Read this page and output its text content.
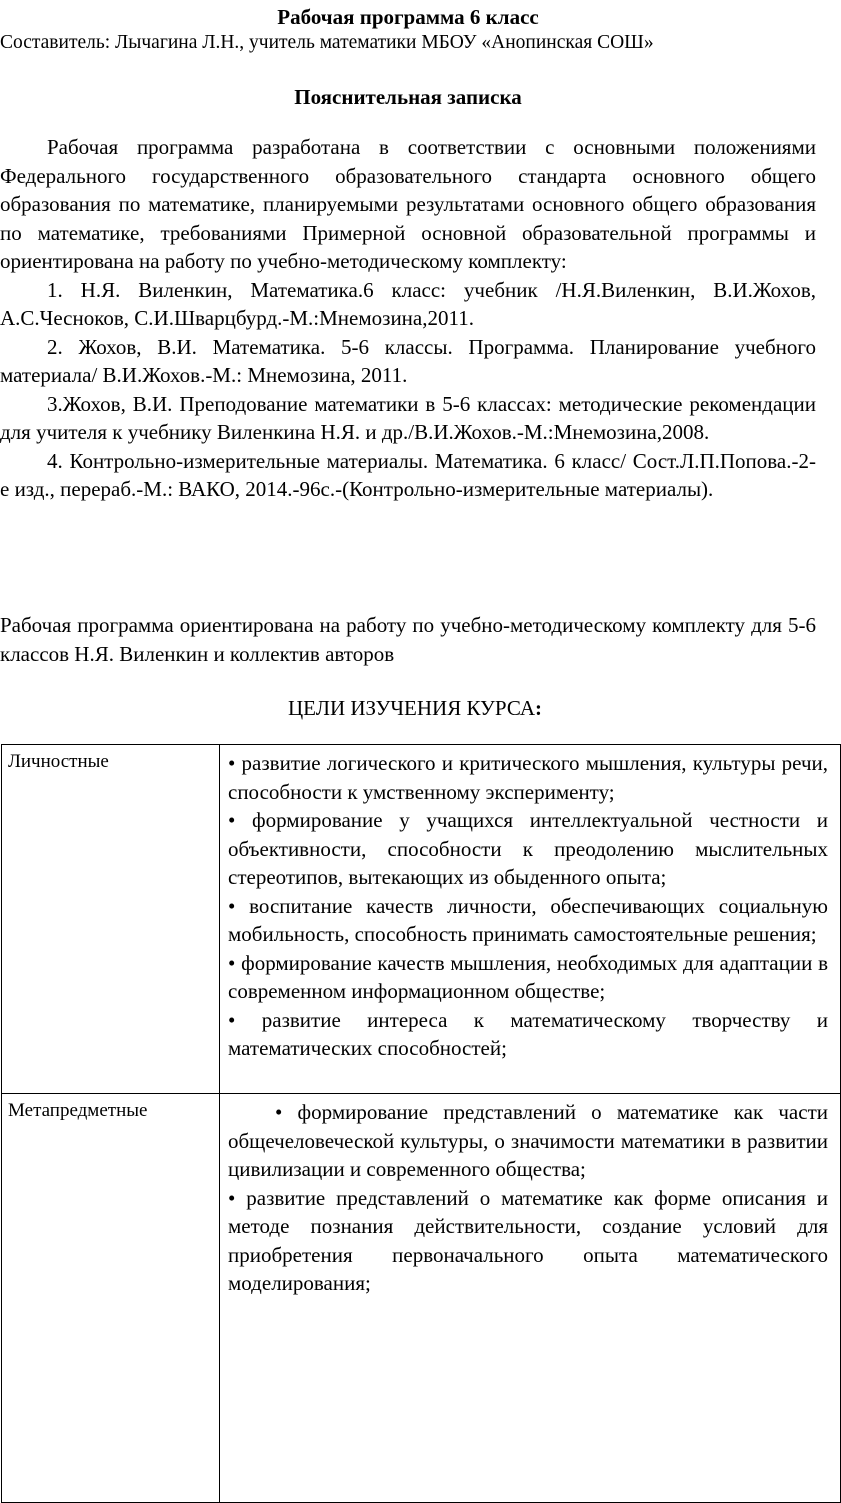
Рабочая программа 6 класс
Составитель: Лычагина Л.Н., учитель математики МБОУ «Анопинская СОШ»
Пояснительная записка

Рабочая программа разработана в соответствии с основными положениями Федерального государственного образовательного стандарта основного общего образования по математике, планируемыми результатами основного общего образования по математике, требованиями Примерной основной образовательной программы и ориентирована на работу по учебно-методическому комплекту:

1. Н.Я. Виленкин, Математика.6 класс: учебник /Н.Я.Виленкин, В.И.Жохов, А.С.Чесноков, С.И.Шварцбурд.-М.:Мнемозина,2011.

2. Жохов, В.И. Математика. 5-6 классы. Программа. Планирование учебного материала/ В.И.Жохов.-М.: Мнемозина, 2011.

3.Жохов, В.И. Преподование математики в 5-6 классах: методические рекомендации для учителя к учебнику Виленкина Н.Я. и др./В.И.Жохов.-М.:Мнемозина,2008.

4. Контрольно-измерительные материалы. Математика. 6 класс/ Сост.Л.П.Попова.-2-е изд., перераб.-М.: ВАКО, 2014.-96с.-(Контрольно-измерительные материалы).

Рабочая программа ориентирована на работу по учебно-методическому комплекту для 5-6 классов Н.Я. Виленкин и коллектив авторов
ЦЕЛИ ИЗУЧЕНИЯ КУРСА:
Личностные	• развитие логического и критического мышления, культуры речи, способности к умственному эксперименту;

• формирование у учащихся интеллектуальной честности и объективности, способности к преодолению мыслительных стереотипов, вытекающих из обыденного опыта;

• воспитание качеств личности, обеспечивающих социальную мобильность, способность принимать самостоятельные решения;

• формирование качеств мышления, необходимых для адаптации в современном информационном обществе;

• развитие интереса к математическому творчеству и математических способностей;

Метапредметные	• формирование представлений о математике как части общечеловеческой культуры, о значимости математики в развитии цивилизации и современного общества;

• развитие представлений о математике как форме описания и методе познания действительности, создание условий для приобретения первоначального опыта математического моделирования;
